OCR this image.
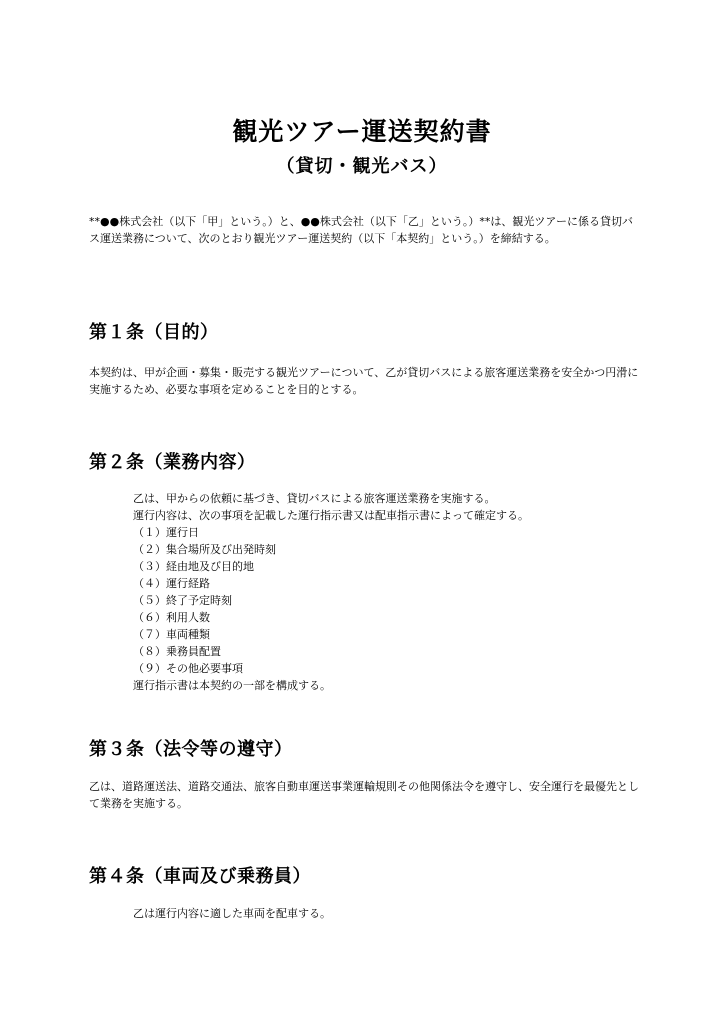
観光ツアー運送契約書
（貸切・観光バス）

**●●株式会社（以下「甲」という。）と、●●株式会社（以下「乙」という。）**は、観光ツアーに係る貸切バス運送業務について、次のとおり観光ツアー運送契約（以下「本契約」という。）を締結する。

第１条（目的）

本契約は、甲が企画・募集・販売する観光ツアーについて、乙が貸切バスによる旅客運送業務を安全かつ円滑に実施するため、必要な事項を定めることを目的とする。

第２条（業務内容）
乙は、甲からの依頼に基づき、貸切バスによる旅客運送業務を実施する。
運行内容は、次の事項を記載した運行指示書又は配車指示書によって確定する。
（１）運行日
（２）集合場所及び出発時刻
（３）経由地及び目的地
（４）運行経路
（５）終了予定時刻
（６）利用人数
（７）車両種類
（８）乗務員配置
（９）その他必要事項
運行指示書は本契約の一部を構成する。
第３条（法令等の遵守）

乙は、道路運送法、道路交通法、旅客自動車運送事業運輸規則その他関係法令を遵守し、安全運行を最優先として業務を実施する。

第４条（車両及び乗務員）
乙は運行内容に適した車両を配車する。
